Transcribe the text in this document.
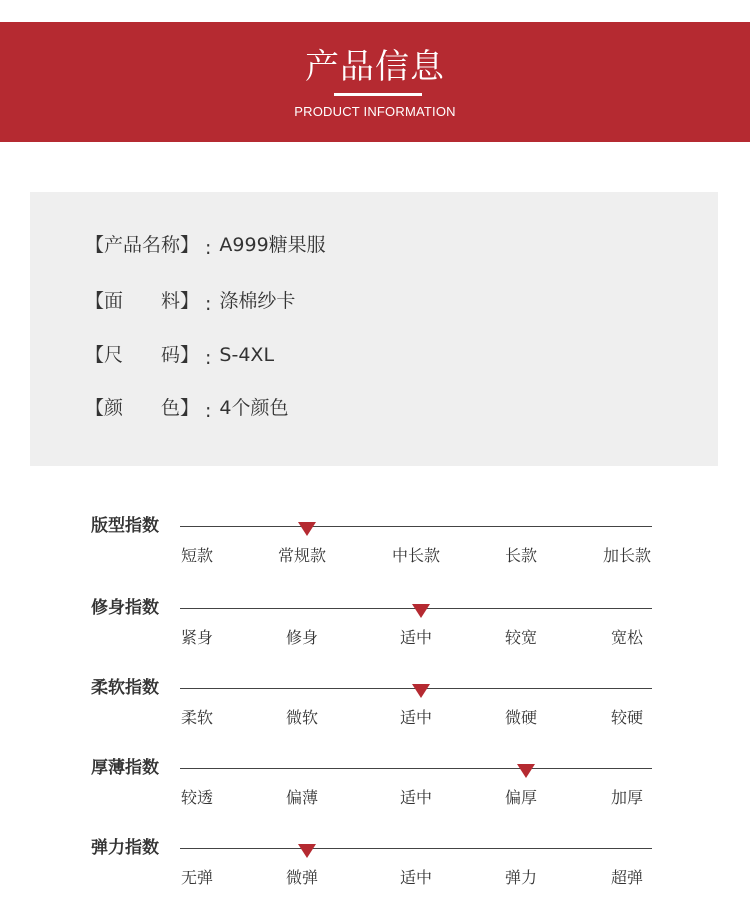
产品信息
PRODUCT INFORMATION
【产品名称】 : A999糖果服
【面　　料】 : 涤棉纱卡
【尺　　码】 : S-4XL
【颜　　色】 : 4个颜色
版型指数
短款	常规款	中长款	长款	加长款
修身指数
紧身	修身	适中	较宽	宽松
柔软指数
柔软	微软	适中	微硬	较硬
厚薄指数
较透	偏薄	适中	偏厚	加厚
弹力指数
无弹	微弹	适中	弹力	超弹
